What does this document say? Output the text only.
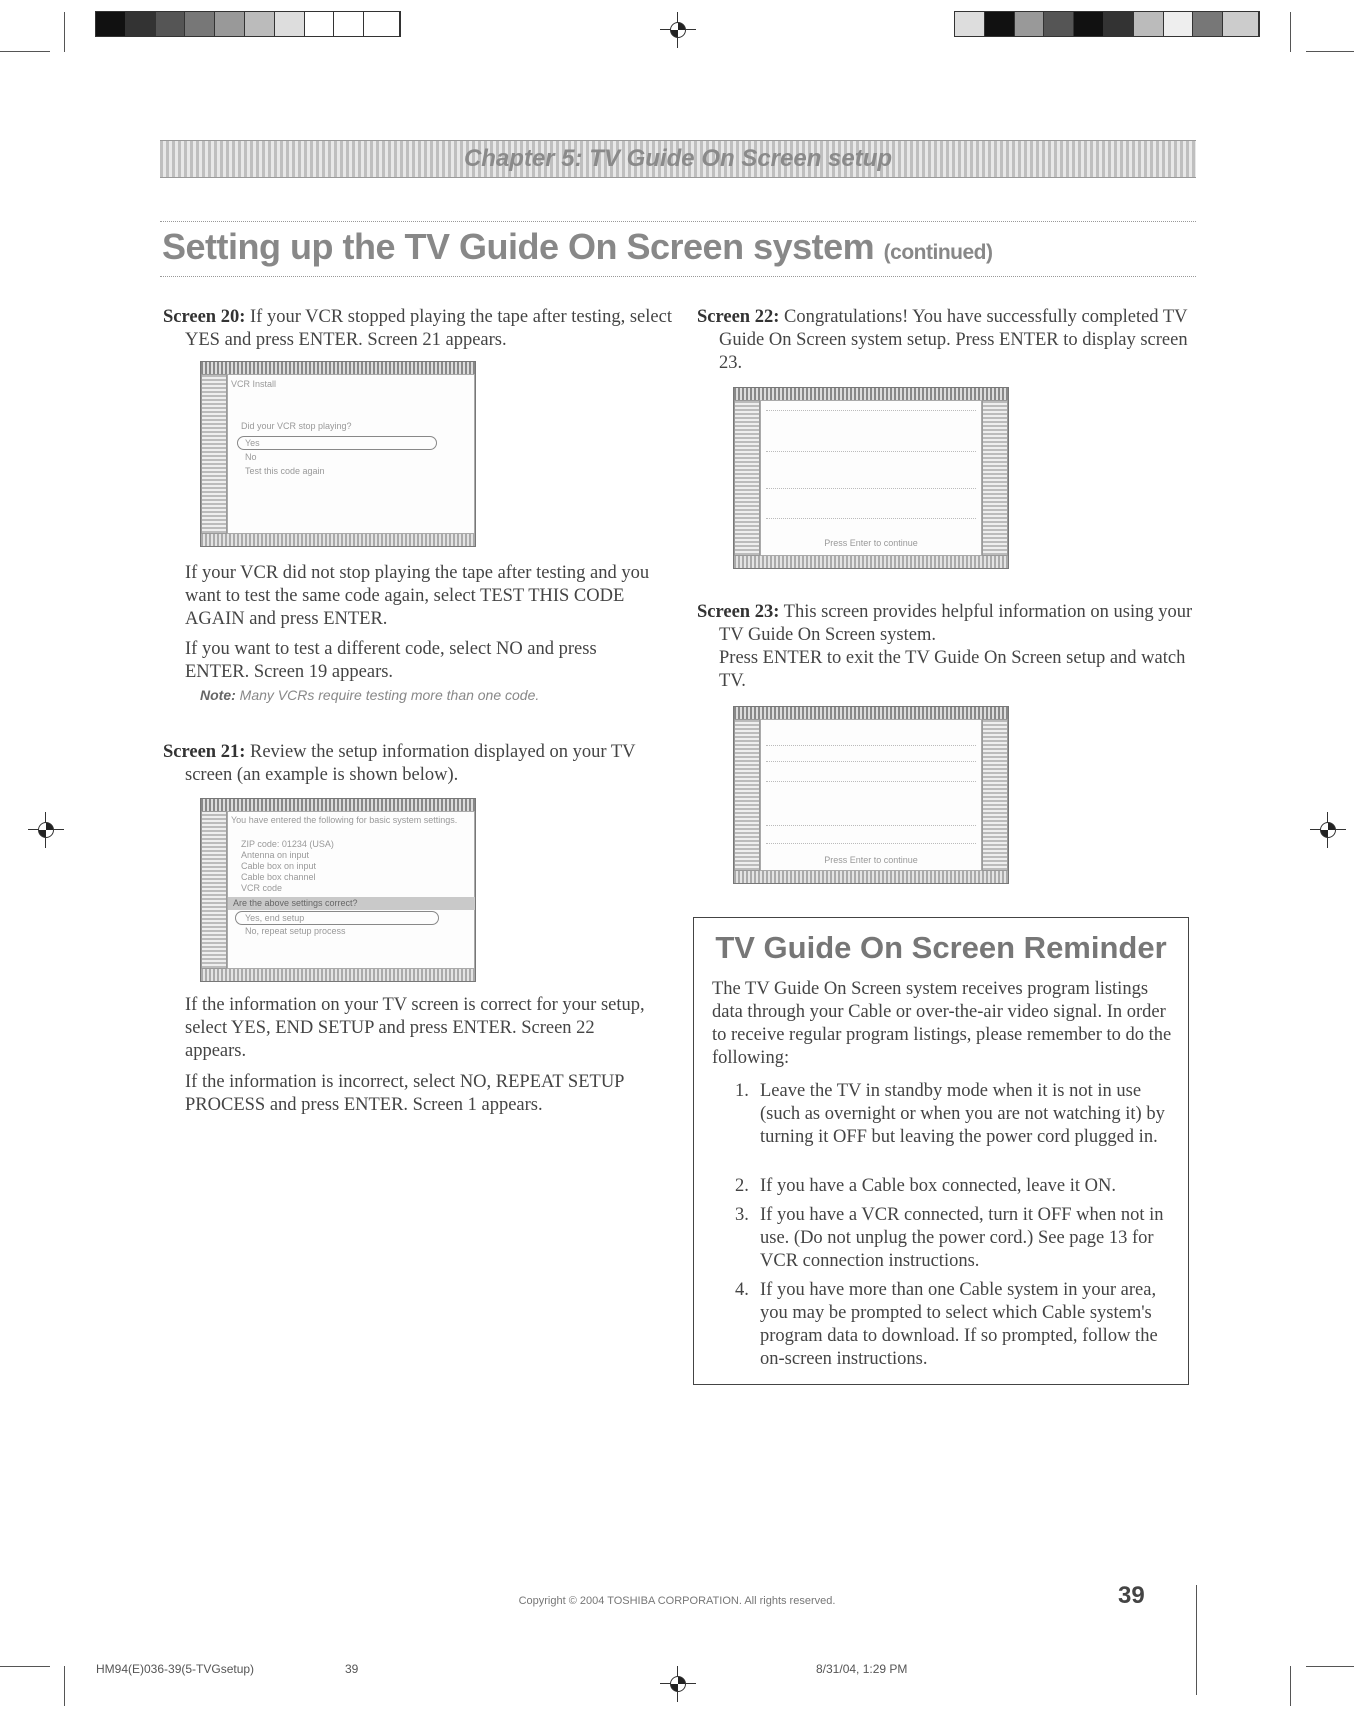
Chapter 5: TV Guide On Screen setup
Setting up the TV Guide On Screen system (continued)
Screen 20: If your VCR stopped playing the tape after testing, select YES and press ENTER. Screen 21 appears.
VCR Install
Did your VCR stop playing?
Yes
No
Test this code again
If your VCR did not stop playing the tape after testing and you want to test the same code again, select TEST THIS CODE AGAIN and press ENTER.
If you want to test a different code, select NO and press ENTER. Screen 19 appears.
Note: Many VCRs require testing more than one code.
Screen 21: Review the setup information displayed on your TV screen (an example is shown below).
You have entered the following for basic system settings.
ZIP code: 01234 (USA)
Antenna on input
Cable box on input
Cable box channel
VCR code
Are the above settings correct?
Yes, end setup
No, repeat setup process
If the information on your TV screen is correct for your setup, select YES, END SETUP and press ENTER. Screen 22 appears.
If the information is incorrect, select NO, REPEAT SETUP PROCESS and press ENTER. Screen 1 appears.
Screen 22: Congratulations! You have successfully completed TV Guide On Screen system setup. Press ENTER to display screen 23.
Press Enter to continue
Screen 23: This screen provides helpful information on using your TV Guide On Screen system.
Press ENTER to exit the TV Guide On Screen setup and watch TV.
Press Enter to continue
TV Guide On Screen Reminder
The TV Guide On Screen system receives program listings data through your Cable or over-the-air video signal. In order to receive regular program listings, please remember to do the following:
1. Leave the TV in standby mode when it is not in use (such as overnight or when you are not watching it) by turning it OFF but leaving the power cord plugged in.
2. If you have a Cable box connected, leave it ON.
3. If you have a VCR connected, turn it OFF when not in use. (Do not unplug the power cord.) See page 13 for VCR connection instructions.
4. If you have more than one Cable system in your area, you may be prompted to select which Cable system's program data to download. If so prompted, follow the on-screen instructions.
Copyright © 2004 TOSHIBA CORPORATION. All rights reserved.	39
HM94(E)036-39(5-TVGsetup)	39	8/31/04, 1:29 PM
